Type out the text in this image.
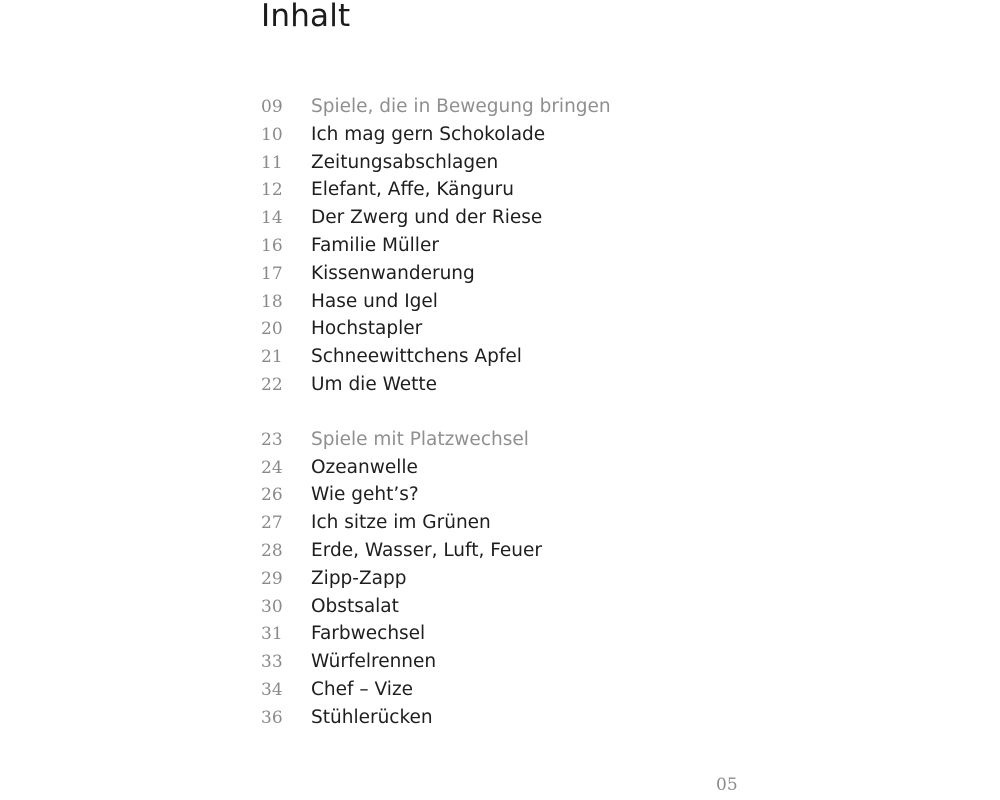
Inhalt
09	Spiele, die in Bewegung bringen
10	Ich mag gern Schokolade
11	Zeitungsabschlagen
12	Elefant, Affe, Känguru
14	Der Zwerg und der Riese
16	Familie Müller
17	Kissenwanderung
18	Hase und Igel
20	Hochstapler
21	Schneewittchens Apfel
22	Um die Wette
23	Spiele mit Platzwechsel
24	Ozeanwelle
26	Wie geht’s?
27	Ich sitze im Grünen
28	Erde, Wasser, Luft, Feuer
29	Zipp-Zapp
30	Obstsalat
31	Farbwechsel
33	Würfelrennen
34	Chef – Vize
36	Stühlerücken
05
